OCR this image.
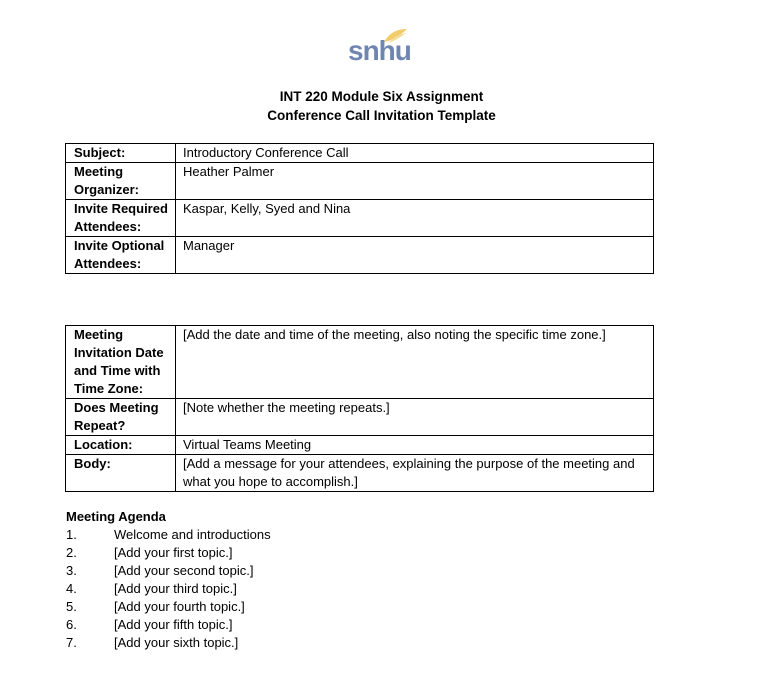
snhu
INT 220 Module Six Assignment
Conference Call Invitation Template
Subject:	Introductory Conference Call
Meeting Organizer:	Heather Palmer
Invite Required Attendees:	Kaspar, Kelly, Syed and Nina
Invite Optional Attendees:	Manager
Meeting Invitation Date and Time with Time Zone:	[Add the date and time of the meeting, also noting the specific time zone.]
Does Meeting Repeat?	[Note whether the meeting repeats.]
Location:	Virtual Teams Meeting
Body:	[Add a message for your attendees, explaining the purpose of the meeting and what you hope to accomplish.]
Meeting Agenda
1.	Welcome and introductions
2.	[Add your first topic.]
3.	[Add your second topic.]
4.	[Add your third topic.]
5.	[Add your fourth topic.]
6.	[Add your fifth topic.]
7.	[Add your sixth topic.]
